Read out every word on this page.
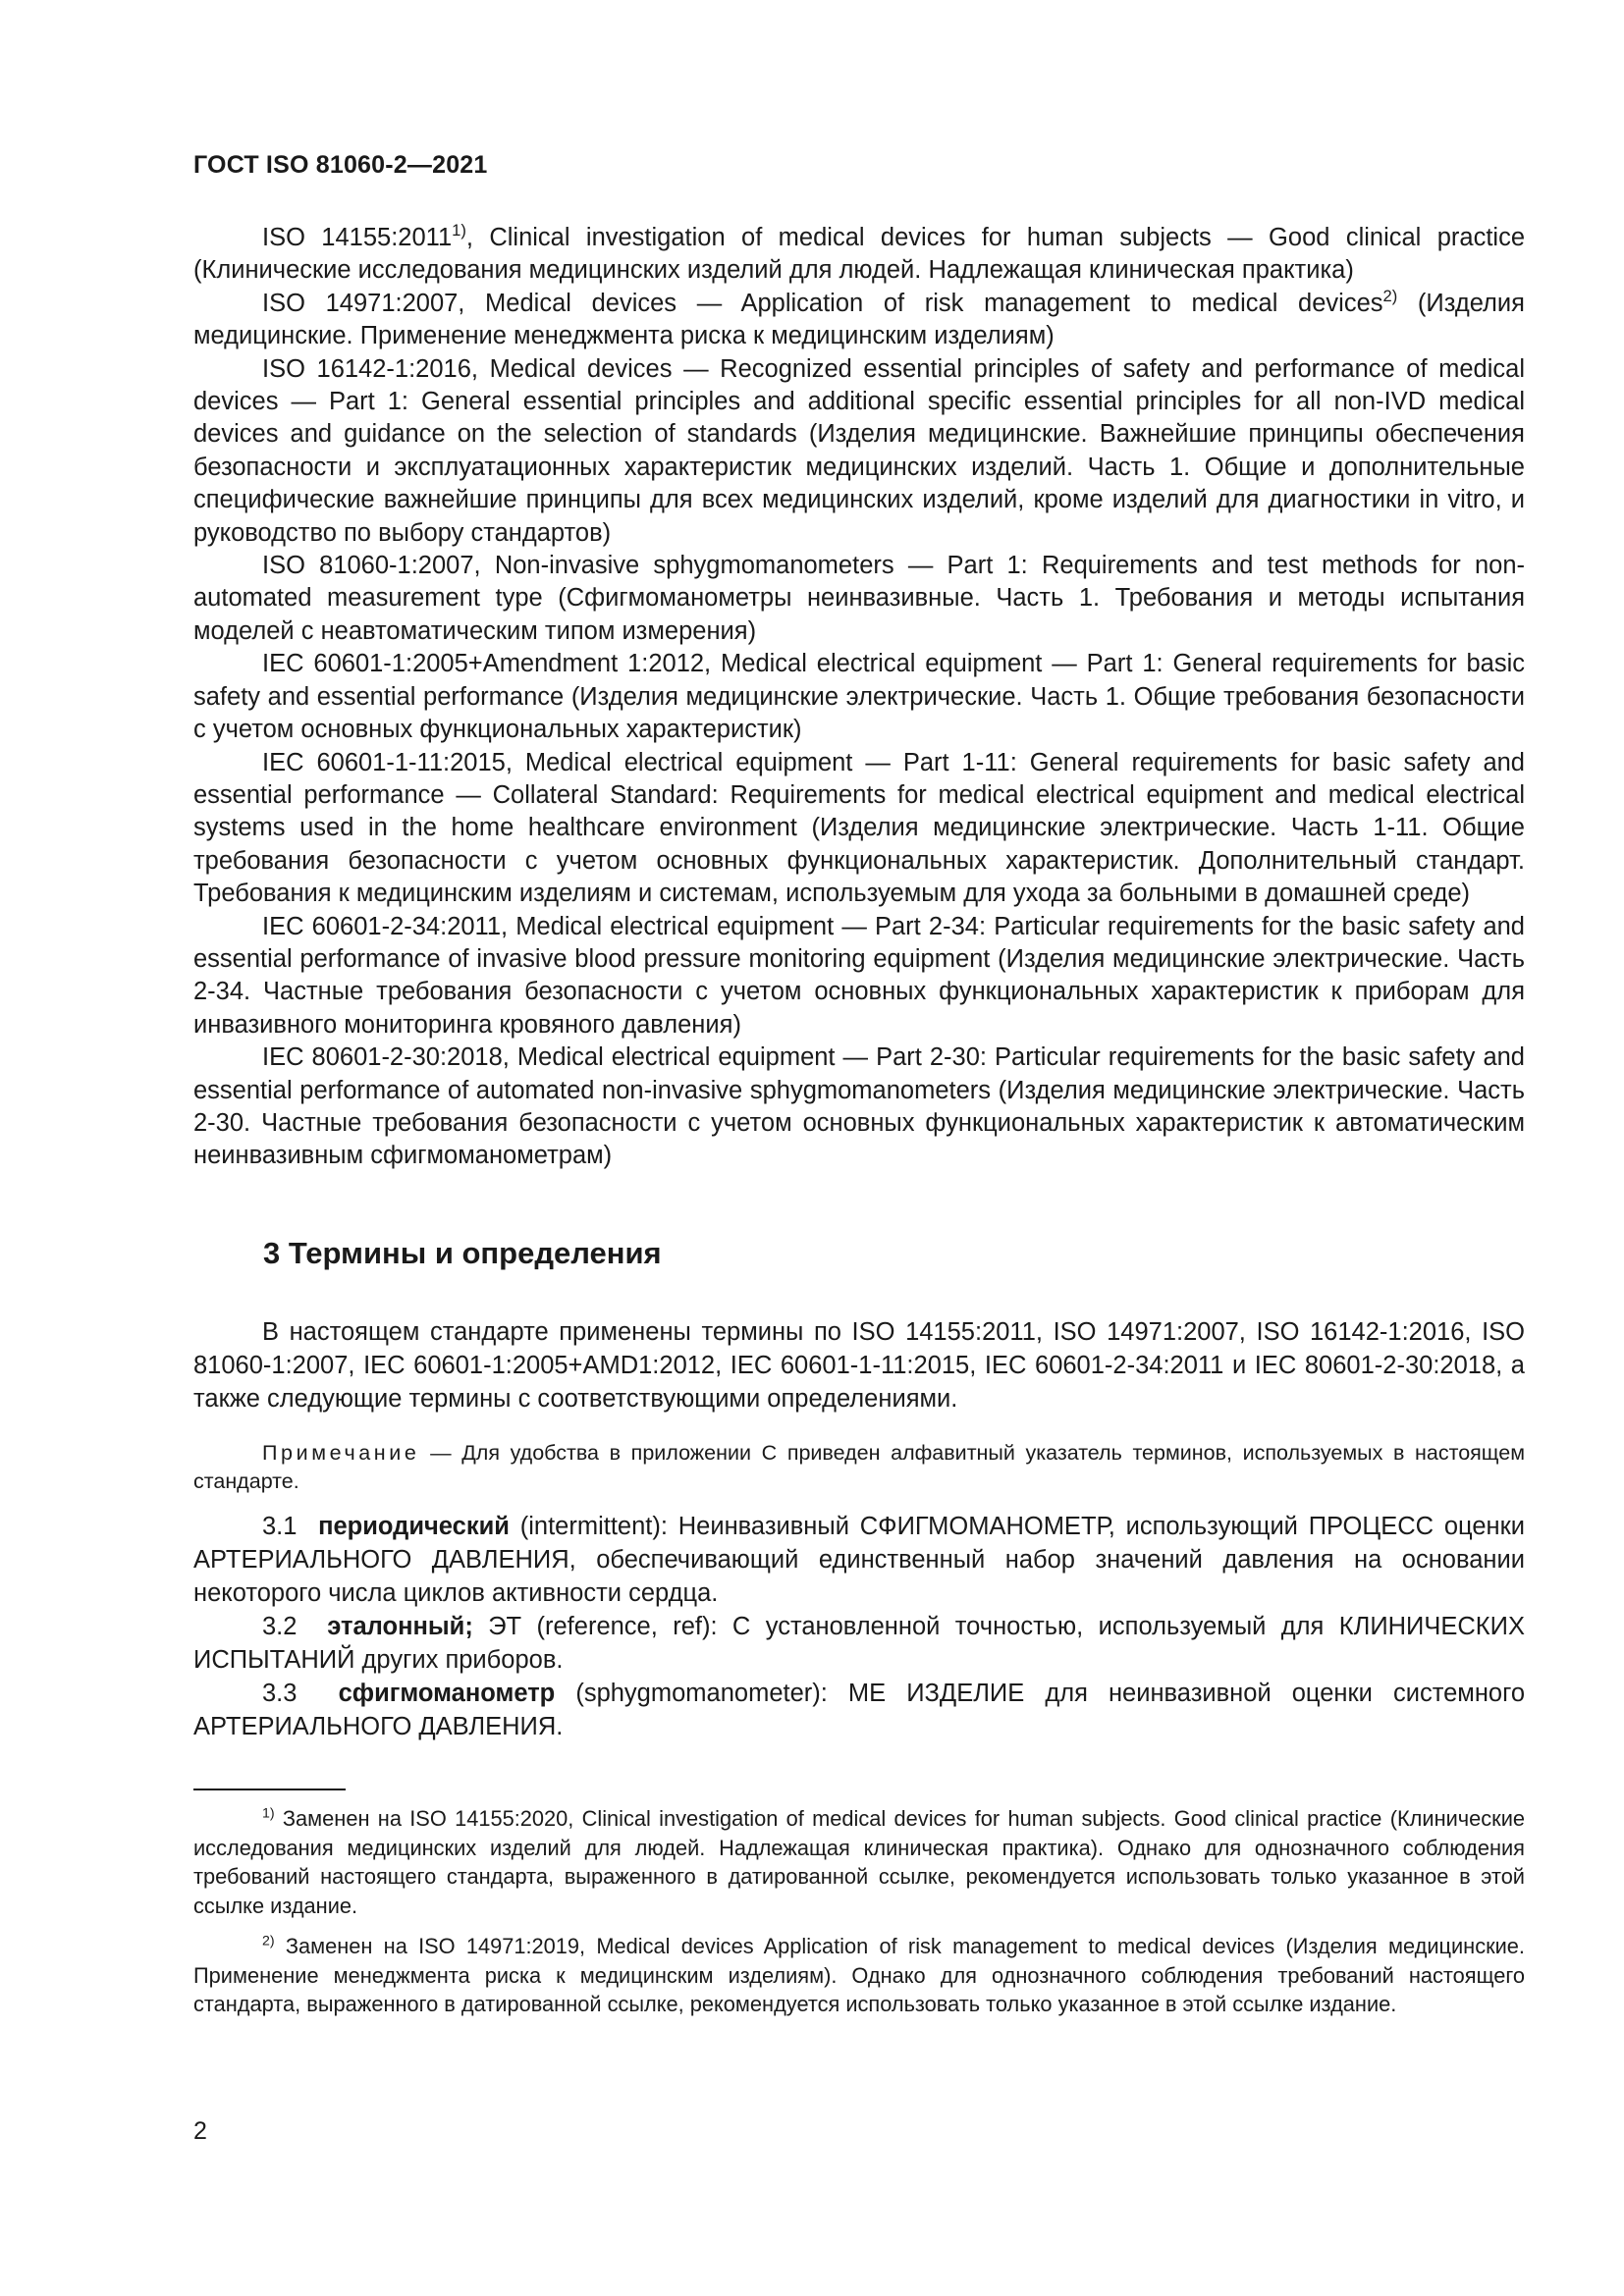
ГОСТ ISO 81060-2—2021

ISO 14155:2011$^{1)}$, Clinical investigation of medical devices for human subjects — Good clinical practice (Клинические исследования медицинских изделий для людей. Надлежащая клиническая практика)

ISO 14971:2007, Medical devices — Application of risk management to medical devices$^{2)}$ (Изделия медицинские. Применение менеджмента риска к медицинским изделиям)

ISO 16142-1:2016, Medical devices — Recognized essential principles of safety and performance of medical devices — Part 1: General essential principles and additional specific essential principles for all non-IVD medical devices and guidance on the selection of standards (Изделия медицинские. Важнейшие принципы обеспечения безопасности и эксплуатационных характеристик медицинских изделий. Часть 1. Общие и дополнительные специфические важнейшие принципы для всех медицинских изделий, кроме изделий для диагностики in vitro, и руководство по выбору стандартов)

ISO 81060-1:2007, Non-invasive sphygmomanometers — Part 1: Requirements and test methods for non-automated measurement type (Сфигмоманометры неинвазивные. Часть 1. Требования и методы испытания моделей с неавтоматическим типом измерения)

IEC 60601-1:2005+Amendment 1:2012, Medical electrical equipment — Part 1: General requirements for basic safety and essential performance (Изделия медицинские электрические. Часть 1. Общие требования безопасности с учетом основных функциональных характеристик)

IEC 60601-1-11:2015, Medical electrical equipment — Part 1-11: General requirements for basic safety and essential performance — Collateral Standard: Requirements for medical electrical equipment and medical electrical systems used in the home healthcare environment (Изделия медицинские электрические. Часть 1-11. Общие требования безопасности с учетом основных функциональных характеристик. Дополнительный стандарт. Требования к медицинским изделиям и системам, используемым для ухода за больными в домашней среде)

IEC 60601-2-34:2011, Medical electrical equipment — Part 2-34: Particular requirements for the basic safety and essential performance of invasive blood pressure monitoring equipment (Изделия медицинские электрические. Часть 2-34. Частные требования безопасности с учетом основных функциональных характеристик к приборам для инвазивного мониторинга кровяного давления)

IEC 80601-2-30:2018, Medical electrical equipment — Part 2-30: Particular requirements for the basic safety and essential performance of automated non-invasive sphygmomanometers (Изделия медицинские электрические. Часть 2-30. Частные требования безопасности с учетом основных функциональных характеристик к автоматическим неинвазивным сфигмоманометрам)

3 Термины и определения

В настоящем стандарте применены термины по ISO 14155:2011, ISO 14971:2007, ISO 16142-1:2016, ISO 81060-1:2007, IEC 60601-1:2005+AMD1:2012, IEC 60601-1-11:2015, IEC 60601-2-34:2011 и IEC 80601-2-30:2018, а также следующие термины с соответствующими определениями.

Примечание — Для удобства в приложении С приведен алфавитный указатель терминов, используемых в настоящем стандарте.

3.1 периодический (intermittent): Неинвазивный СФИГМОМАНОМЕТР, использующий ПРОЦЕСС оценки АРТЕРИАЛЬНОГО ДАВЛЕНИЯ, обеспечивающий единственный набор значений давления на основании некоторого числа циклов активности сердца.

3.2 эталонный; ЭТ (reference, ref): С установленной точностью, используемый для КЛИНИЧЕСКИХ ИСПЫТАНИЙ других приборов.

3.3 сфигмоманометр (sphygmomanometer): МЕ ИЗДЕЛИЕ для неинвазивной оценки системного АРТЕРИАЛЬНОГО ДАВЛЕНИЯ.

$^{1)}$ Заменен на ISO 14155:2020, Clinical investigation of medical devices for human subjects. Good clinical practice (Клинические исследования медицинских изделий для людей. Надлежащая клиническая практика). Однако для однозначного соблюдения требований настоящего стандарта, выраженного в датированной ссылке, рекомендуется использовать только указанное в этой ссылке издание.

$^{2)}$ Заменен на ISO 14971:2019, Medical devices Application of risk management to medical devices (Изделия медицинские. Применение менеджмента риска к медицинским изделиям). Однако для однозначного соблюдения требований настоящего стандарта, выраженного в датированной ссылке, рекомендуется использовать только указанное в этой ссылке издание.

2
